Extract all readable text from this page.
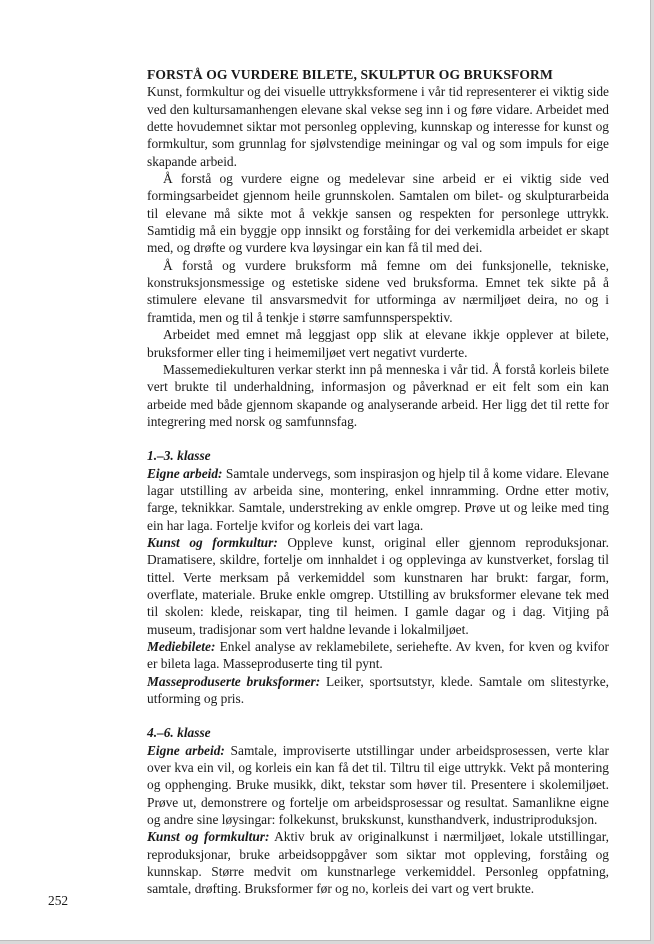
FORSTÅ OG VURDERE BILETE, SKULPTUR OG BRUKSFORM

Kunst, formkultur og dei visuelle uttrykksformene i vår tid representerer ei viktig side ved den kultursamanhengen elevane skal vekse seg inn i og føre vidare. Arbeidet med dette hovudemnet siktar mot personleg oppleving, kunnskap og interesse for kunst og formkultur, som grunnlag for sjølvstendige meiningar og val og som impuls for eige skapande arbeid.

Å forstå og vurdere eigne og medelevar sine arbeid er ei viktig side ved formingsarbeidet gjennom heile grunnskolen. Samtalen om bilet- og skulpturarbeida til elevane må sikte mot å vekkje sansen og respekten for personlege uttrykk. Samtidig må ein byggje opp innsikt og forståing for dei verkemidla arbeidet er skapt med, og drøfte og vurdere kva løysingar ein kan få til med dei.

Å forstå og vurdere bruksform må femne om dei funksjonelle, tekniske, konstruksjonsmessige og estetiske sidene ved bruksforma. Emnet tek sikte på å stimulere elevane til ansvarsmedvit for utforminga av nærmiljøet deira, no og i framtida, men og til å tenkje i større samfunnsperspektiv.

Arbeidet med emnet må leggjast opp slik at elevane ikkje opplever at bilete, bruksformer eller ting i heimemiljøet vert negativt vurderte.

Massemediekulturen verkar sterkt inn på menneska i vår tid. Å forstå korleis bilete vert brukte til underhaldning, informasjon og påverknad er eit felt som ein kan arbeide med både gjennom skapande og analyserande arbeid. Her ligg det til rette for integrering med norsk og samfunnsfag.

1.–3. klasse

Eigne arbeid: Samtale undervegs, som inspirasjon og hjelp til å kome vidare. Elevane lagar utstilling av arbeida sine, montering, enkel innramming. Ordne etter motiv, farge, teknikkar. Samtale, understreking av enkle omgrep. Prøve ut og leike med ting ein har laga. Fortelje kvifor og korleis dei vart laga.

Kunst og formkultur: Oppleve kunst, original eller gjennom reproduksjonar. Dramatisere, skildre, fortelje om innhaldet i og opplevinga av kunstverket, forslag til tittel. Verte merksam på verkemiddel som kunstnaren har brukt: fargar, form, overflate, materiale. Bruke enkle omgrep. Utstilling av bruksformer elevane tek med til skolen: klede, reiskapar, ting til heimen. I gamle dagar og i dag. Vitjing på museum, tradisjonar som vert haldne levande i lokalmiljøet.

Mediebilete: Enkel analyse av reklamebilete, seriehefte. Av kven, for kven og kvifor er bileta laga. Masseproduserte ting til pynt.

Masseproduserte bruksformer: Leiker, sportsutstyr, klede. Samtale om slitestyrke, utforming og pris.

4.–6. klasse

Eigne arbeid: Samtale, improviserte utstillingar under arbeidsprosessen, verte klar over kva ein vil, og korleis ein kan få det til. Tiltru til eige uttrykk. Vekt på montering og opphenging. Bruke musikk, dikt, tekstar som høver til. Presentere i skolemiljøet. Prøve ut, demonstrere og fortelje om arbeidsprosessar og resultat. Samanlikne eigne og andre sine løysingar: folkekunst, brukskunst, kunsthandverk, industriproduksjon.

Kunst og formkultur: Aktiv bruk av originalkunst i nærmiljøet, lokale utstillingar, reproduksjonar, bruke arbeidsoppgåver som siktar mot oppleving, forståing og kunnskap. Større medvit om kunstnarlege verkemiddel. Personleg oppfatning, samtale, drøfting. Bruksformer før og no, korleis dei vart og vert brukte.

252
